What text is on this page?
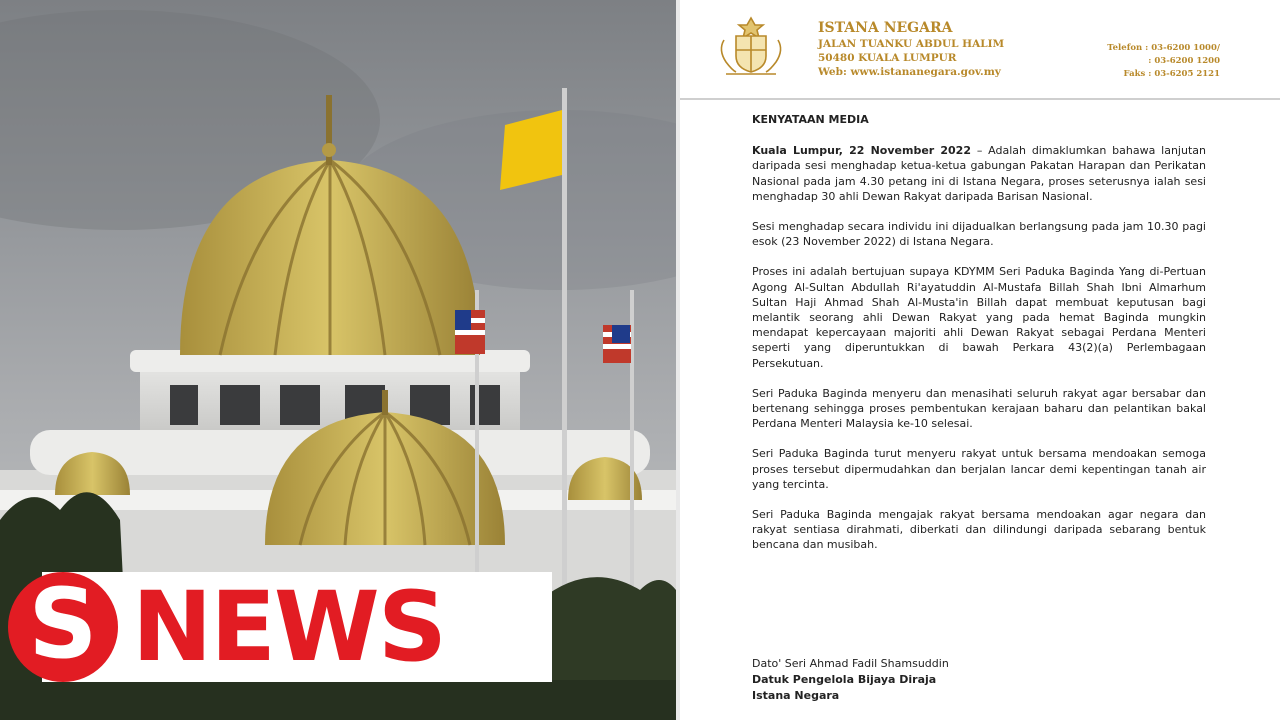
S NEWS
ISTANA NEGARA
JALAN TUANKU ABDUL HALIM
50480 KUALA LUMPUR
Web: www.istananegara.gov.my
Telefon : 03-6200 1000/
: 03-6200 1200
Faks : 03-6205 2121
KENYATAAN MEDIA

Kuala Lumpur, 22 November 2022 – Adalah dimaklumkan bahawa lanjutan daripada sesi menghadap ketua-ketua gabungan Pakatan Harapan dan Perikatan Nasional pada jam 4.30 petang ini di Istana Negara, proses seterusnya ialah sesi menghadap 30 ahli Dewan Rakyat daripada Barisan Nasional.

Sesi menghadap secara individu ini dijadualkan berlangsung pada jam 10.30 pagi esok (23 November 2022) di Istana Negara.

Proses ini adalah bertujuan supaya KDYMM Seri Paduka Baginda Yang di-Pertuan Agong Al-Sultan Abdullah Ri'ayatuddin Al-Mustafa Billah Shah Ibni Almarhum Sultan Haji Ahmad Shah Al-Musta'in Billah dapat membuat keputusan bagi melantik seorang ahli Dewan Rakyat yang pada hemat Baginda mungkin mendapat kepercayaan majoriti ahli Dewan Rakyat sebagai Perdana Menteri seperti yang diperuntukkan di bawah Perkara 43(2)(a) Perlembagaan Persekutuan.

Seri Paduka Baginda menyeru dan menasihati seluruh rakyat agar bersabar dan bertenang sehingga proses pembentukan kerajaan baharu dan pelantikan bakal Perdana Menteri Malaysia ke-10 selesai.

Seri Paduka Baginda turut menyeru rakyat untuk bersama mendoakan semoga proses tersebut dipermudahkan dan berjalan lancar demi kepentingan tanah air yang tercinta.

Seri Paduka Baginda mengajak rakyat bersama mendoakan agar negara dan rakyat sentiasa dirahmati, diberkati dan dilindungi daripada sebarang bentuk bencana dan musibah.

Dato' Seri Ahmad Fadil Shamsuddin
Datuk Pengelola Bijaya Diraja
Istana Negara
